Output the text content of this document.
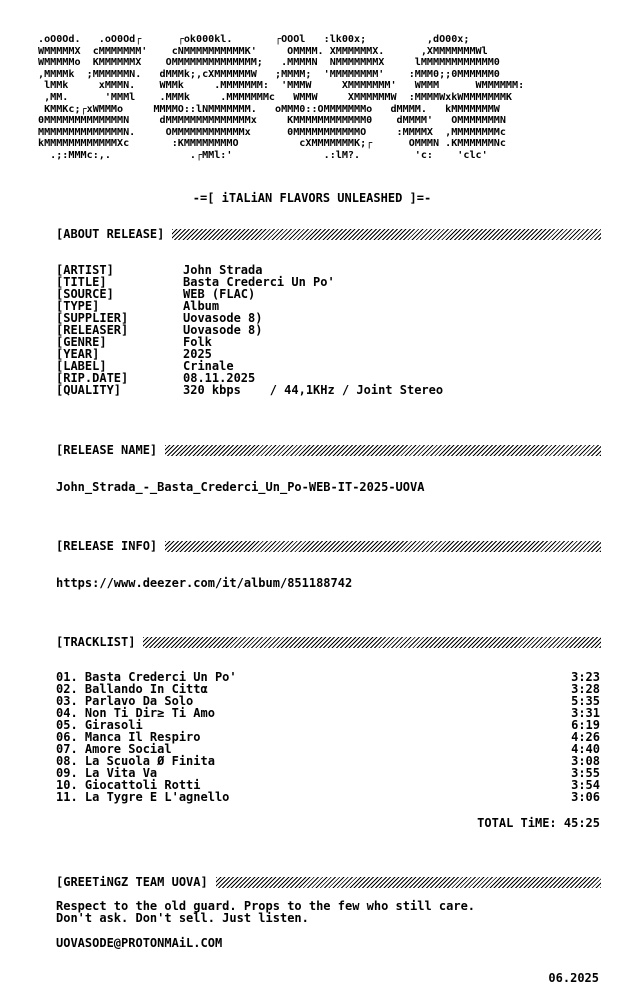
.oO0Od.   .oO0Od┌      ┌ok000kl.       ┌OOOl   :lk00x;          ,dO00x;
WMMMMMX  cMMMMMMM'    cNMMMMMMMMMMK'     OMMMM. XMMMMMMX.      ,XMMMMMMMWl
WMMMMMo  KMMMMMMX    OMMMMMMMMMMMMMM;   .MMMMN  NMMMMMMMX     lMMMMMMMMMMMM0
,MMMMk  ;MMMMMMN.   dMMMk;,cXMMMMMMW   ;MMMM;  'MMMMMMMM'    :MMM0;;0MMMMMM0
lMMk     xMMMN.    WMMk     .MMMMMMM:  'MMMW     XMMMMMMM'   WMMM      WMMMMMM:
,MM.      'MMMl    .MMMk     .MMMMMMMc   WMMW     XMMMMMMW  :MMMMWxkWMMMMMMMK
KMMKc;┌xWMMMo     MMMMO::lNMMMMMMM.   oMMM0::OMMMMMMMo   dMMMM.   kMMMMMMMW
0MMMMMMMMMMMMMN     dMMMMMMMMMMMMMMx     KMMMMMMMMMMMM0    dMMMM'   OMMMMMMMN
MMMMMMMMMMMMMMN.     OMMMMMMMMMMMMx      0MMMMMMMMMMMO     :MMMMX  ,MMMMMMMMc
kMMMMMMMMMMMMXc       :KMMMMMMMMO          cXMMMMMMMK;┌      OMMMN .KMMMMMMNc
.;:MMMc:,.             .┌MMl:'               .:lM?.         'c:    'clc'
-=[ iTALiAN FLAVORS UNLEASHED ]=-
[ABOUT RELEASE]
[ARTIST]	John Strada
[TITLE]	Basta Crederci Un Po'
[SOURCE]	WEB (FLAC)
[TYPE]	Album
[SUPPLIER]	Uovasode 8)
[RELEASER]	Uovasode 8)
[GENRE]	Folk
[YEAR]	2025
[LABEL]	Crinale
[RIP.DATE]	08.11.2025
[QUALITY]	320 kbps    / 44,1KHz / Joint Stereo
[RELEASE NAME]
John_Strada_-_Basta_Crederci_Un_Po-WEB-IT-2025-UOVA
[RELEASE INFO]
https://www.deezer.com/it/album/851188742
[TRACKLIST]
01. Basta Crederci Un Po'	3:23
02. Ballando In Cittα	3:28
03. Parlavo Da Solo	5:35
04. Non Ti Dir≥ Ti Amo	3:31
05. Girasoli	6:19
06. Manca Il Respiro	4:26
07. Amore Social	4:40
08. La Scuola Ø Finita	3:08
09. La Vita Va	3:55
10. Giocattoli Rotti	3:54
11. La Tygre E L'agnello	3:06
TOTAL TiME: 45:25
[GREETiNGZ TEAM UOVA]
Respect to the old guard. Props to the few who still care.
Don't ask. Don't sell. Just listen.
UOVASODE@PROTONMAiL.COM
06.2025
